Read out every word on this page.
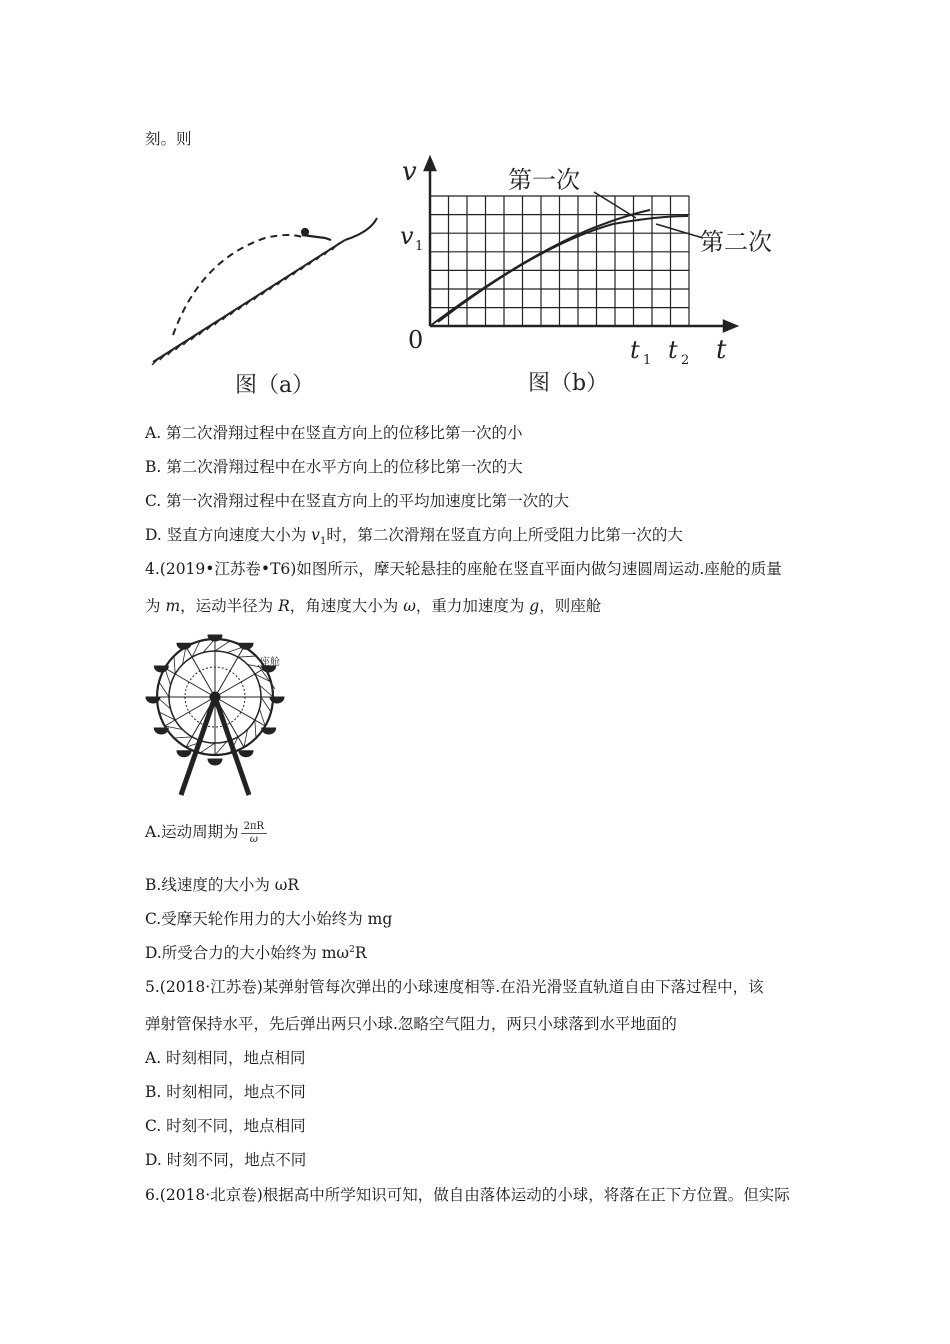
刻。则
图（a）
v
v 1
0	t 1 t 2 t
第一次
第二次
图（b）
A. 第二次滑翔过程中在竖直方向上的位移比第一次的小
B. 第二次滑翔过程中在水平方向上的位移比第一次的大
C. 第一次滑翔过程中在竖直方向上的平均加速度比第一次的大
D. 竖直方向速度大小为 $v_1$时，第二次滑翔在竖直方向上所受阻力比第一次的大
4.(2019•江苏卷•T6)如图所示，摩天轮悬挂的座舱在竖直平面内做匀速圆周运动.座舱的质量
为 m，运动半径为 R，角速度大小为 ω，重力加速度为 g，则座舱
座舱
A.运动周期为 $\frac{2\pi R}{\omega}$
B.线速度的大小为 ωR
C.受摩天轮作用力的大小始终为 mg
D.所受合力的大小始终为 $m\omega^2R$
5.(2018·江苏卷)某弹射管每次弹出的小球速度相等.在沿光滑竖直轨道自由下落过程中，该
弹射管保持水平，先后弹出两只小球.忽略空气阻力，两只小球落到水平地面的
A. 时刻相同，地点相同
B. 时刻相同，地点不同
C. 时刻不同，地点相同
D. 时刻不同，地点不同
6.(2018·北京卷)根据高中所学知识可知，做自由落体运动的小球，将落在正下方位置。但实际
